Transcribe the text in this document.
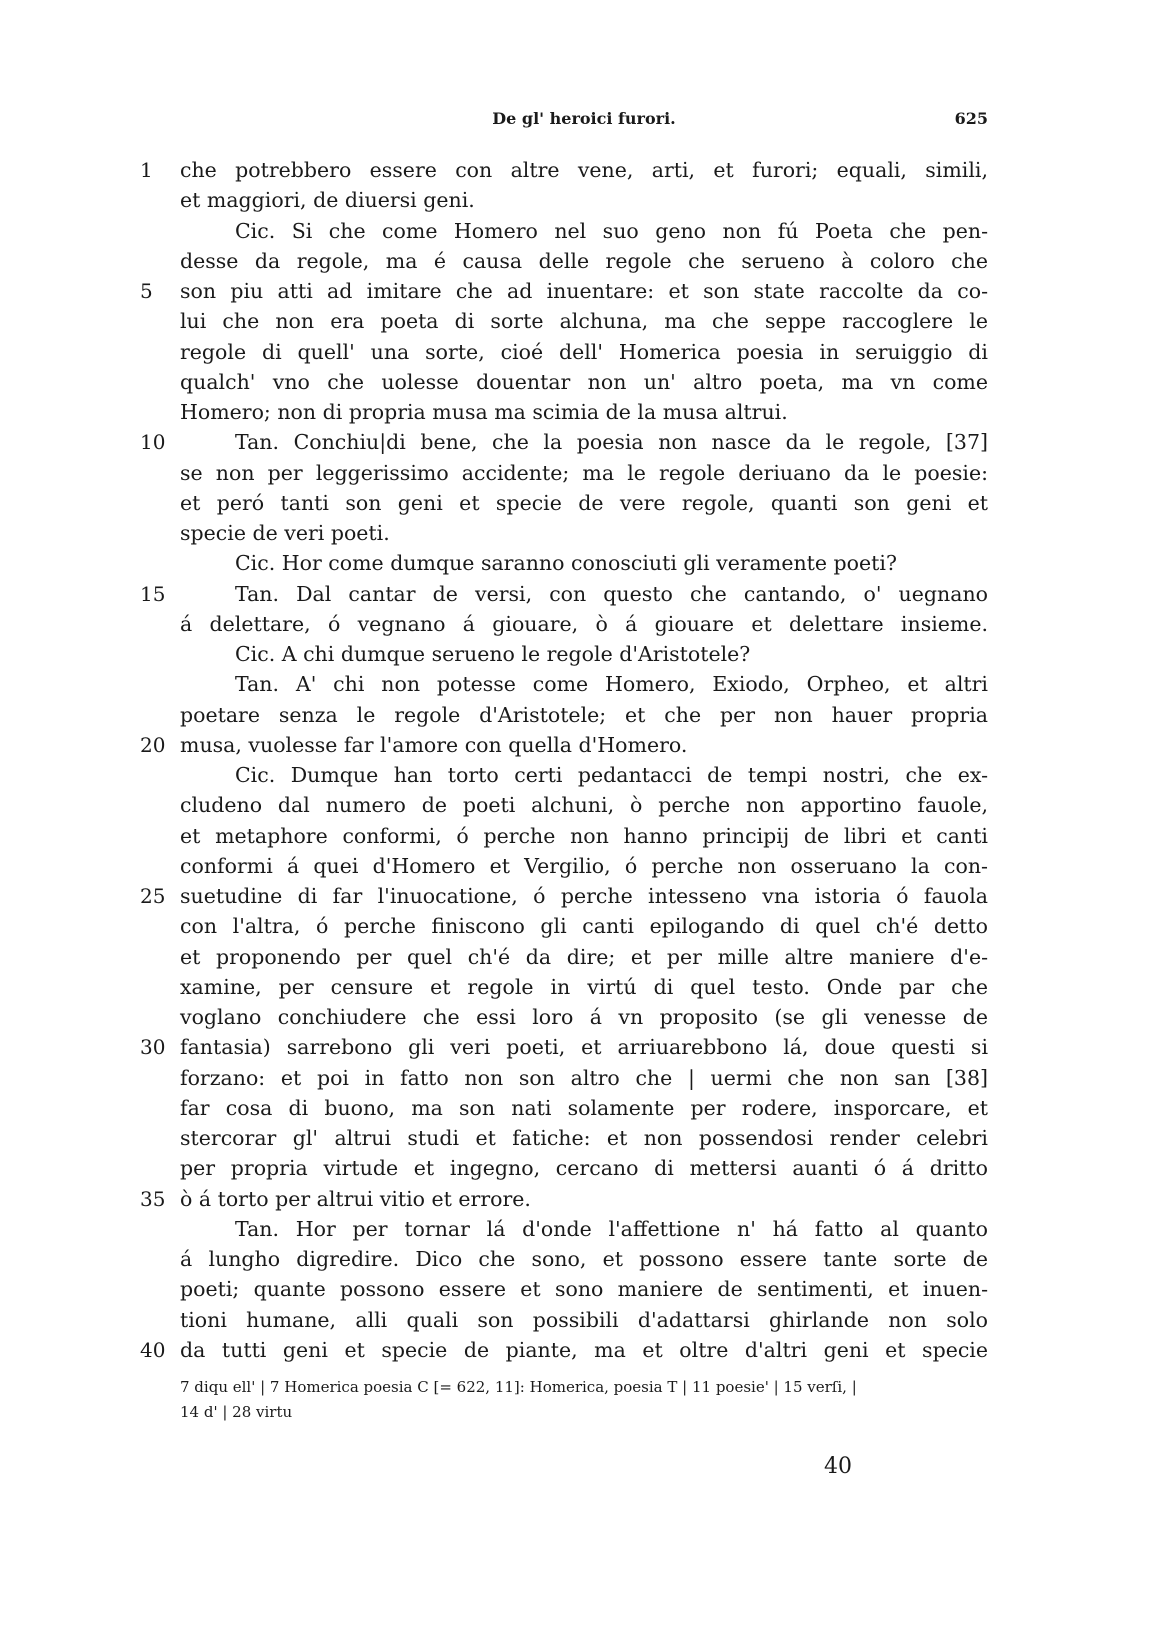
De gl' heroici furori.	625
1
5
10
15
20
25
30
35
40
che potrebbero essere con altre vene, arti, et furori; equali, simili,
et maggiori, de diuersi geni.
Cic. Si che come Homero nel suo geno non fú Poeta che pen-
desse da regole, ma é causa delle regole che serueno à coloro che
son piu atti ad imitare che ad inuentare: et son state raccolte da co-
lui che non era poeta di sorte alchuna, ma che seppe raccoglere le
regole di quell' una sorte, cioé dell' Homerica poesia in seruiggio di
qualch' vno che uolesse douentar non un' altro poeta, ma vn come
Homero; non di propria musa ma scimia de la musa altrui.
Tan. Conchiu|di bene, che la poesia non nasce da le regole, [37]
se non per leggerissimo accidente; ma le regole deriuano da le poesie:
et peró tanti son geni et specie de vere regole, quanti son geni et
specie de veri poeti.
Cic. Hor come dumque saranno conosciuti gli veramente poeti?
Tan. Dal cantar de versi, con questo che cantando, o' uegnano
á delettare, ó vegnano á giouare, ò á giouare et delettare insieme.
Cic. A chi dumque serueno le regole d'Aristotele?
Tan. A' chi non potesse come Homero, Exiodo, Orpheo, et altri
poetare senza le regole d'Aristotele; et che per non hauer propria
musa, vuolesse far l'amore con quella d'Homero.
Cic. Dumque han torto certi pedantacci de tempi nostri, che ex-
cludeno dal numero de poeti alchuni, ò perche non apportino fauole,
et metaphore conformi, ó perche non hanno principij de libri et canti
conformi á quei d'Homero et Vergilio, ó perche non osseruano la con-
suetudine di far l'inuocatione, ó perche intesseno vna istoria ó fauola
con l'altra, ó perche finiscono gli canti epilogando di quel ch'é detto
et proponendo per quel ch'é da dire; et per mille altre maniere d'e-
xamine, per censure et regole in virtú di quel testo. Onde par che
voglano conchiudere che essi loro á vn proposito (se gli venesse de
fantasia) sarrebono gli veri poeti, et arriuarebbono lá, doue questi si
forzano: et poi in fatto non son altro che | uermi che non san [38]
far cosa di buono, ma son nati solamente per rodere, insporcare, et
stercorar gl' altrui studi et fatiche: et non possendosi render celebri
per propria virtude et ingegno, cercano di mettersi auanti ó á dritto
ò á torto per altrui vitio et errore.
Tan. Hor per tornar lá d'onde l'affettione n' há fatto al quanto
á lungho digredire. Dico che sono, et possono essere tante sorte de
poeti; quante possono essere et sono maniere de sentimenti, et inuen-
tioni humane, alli quali son possibili d'adattarsi ghirlande non solo
da tutti geni et specie de piante, ma et oltre d'altri geni et specie
7 diqu ell' | 7 Homerica poesia C [= 622, 11]: Homerica, poesia T | 11 poesie' | 15 verſi, |
14 d' | 28 virtu
40
